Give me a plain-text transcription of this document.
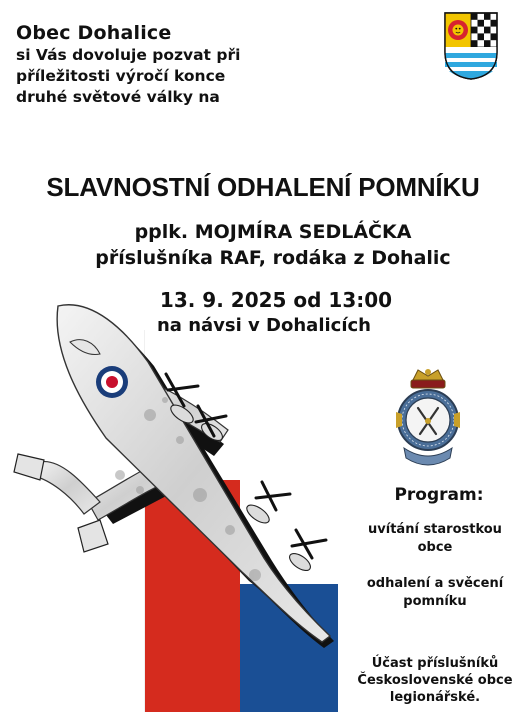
Obec Dohalice
si Vás dovoluje pozvat při
příležitosti výročí konce
druhé světové války na
SLAVNOSTNÍ ODHALENÍ POMNÍKU
pplk. MOJMÍRA SEDLÁČKA
příslušníka RAF, rodáka z Dohalic
13. 9. 2025 od 13:00
na návsi v Dohalicích
Program:
uvítání starostkou obce
odhalení a svěcení pomníku
Účast příslušníků Československé obce legionářské.
